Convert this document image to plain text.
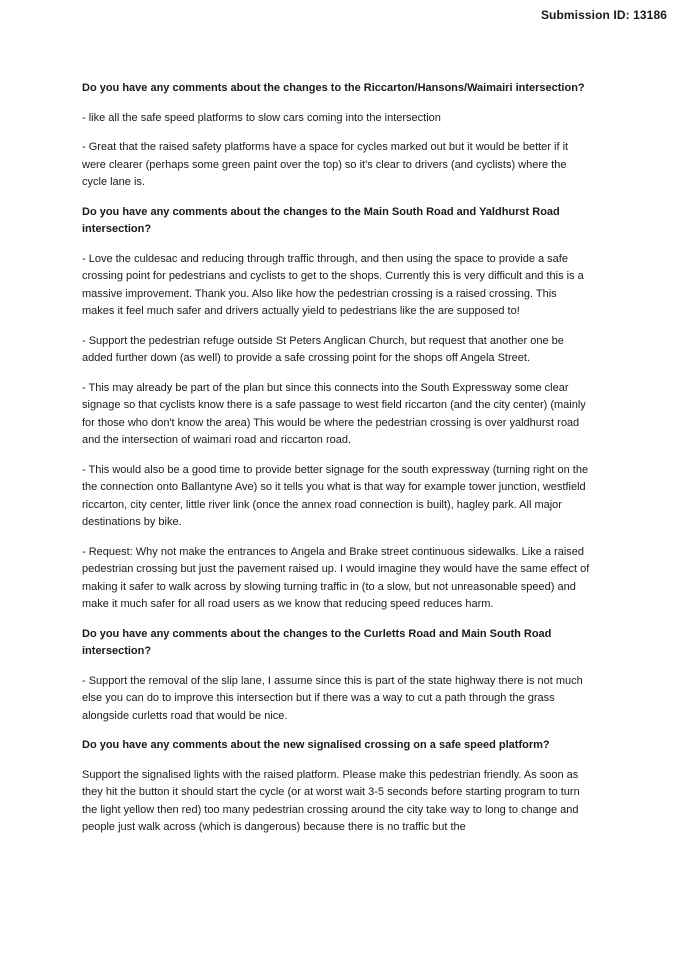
Submission ID: 13186

Do you have any comments about the changes to the Riccarton/Hansons/Waimairi intersection?

- like all the safe speed platforms to slow cars coming into the intersection

- Great that the raised safety platforms have a space for cycles marked out but it would be better if it were clearer (perhaps some green paint over the top) so it's clear to drivers (and cyclists) where the cycle lane is.

Do you have any comments about the changes to the Main South Road and Yaldhurst Road intersection?

- Love the culdesac and reducing through traffic through, and then using the space to provide a safe crossing point for pedestrians and cyclists to get to the shops. Currently this is very difficult and this is a massive improvement. Thank you. Also like how the pedestrian crossing is a raised crossing. This makes it feel much safer and drivers actually yield to pedestrians like the are supposed to!

- Support the pedestrian refuge outside St Peters Anglican Church, but request that another one be added further down (as well) to provide a safe crossing point for the shops off Angela Street.

- This may already be part of the plan but since this connects into the South Expressway some clear signage so that cyclists know there is a safe passage to west field riccarton (and the city center) (mainly for those who don't know the area) This would be where the pedestrian crossing is over yaldhurst road and the intersection of waimari road and riccarton road.

- This would also be a good time to provide better signage for the south expressway (turning right on the the connection onto Ballantyne Ave) so it tells you what is that way for example tower junction, westfield riccarton, city center, little river link (once the annex road connection is built), hagley park. All major destinations by bike.

- Request: Why not make the entrances to Angela and Brake street continuous sidewalks. Like a raised pedestrian crossing but just the pavement raised up. I would imagine they would have the same effect of making it safer to walk across by slowing turning traffic in (to a slow, but not unreasonable speed) and make it much safer for all road users as we know that reducing speed reduces harm.

Do you have any comments about the changes to the Curletts Road and Main South Road intersection?

- Support the removal of the slip lane, I assume since this is part of the state highway there is not much else you can do to improve this intersection but if there was a way to cut a path through the grass alongside curletts road that would be nice.

Do you have any comments about the new signalised crossing on a safe speed platform?

Support the signalised lights with the raised platform. Please make this pedestrian friendly. As soon as they hit the button it should start the cycle (or at worst wait 3-5 seconds before starting program to turn the light yellow then red) too many pedestrian crossing around the city take way to long to change and people just walk across (which is dangerous) because there is no traffic but the
